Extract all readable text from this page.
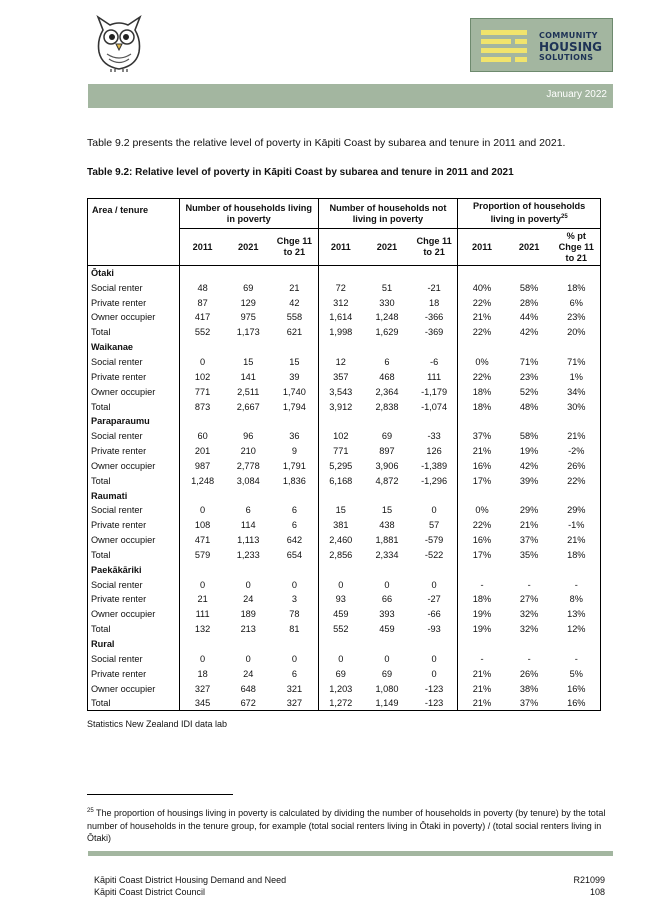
COMMUNITY
HOUSING
SOLUTIONS
January 2022
Table 9.2 presents the relative level of poverty in Kāpiti Coast by subarea and tenure in 2011 and 2021.
Table 9.2: Relative level of poverty in Kāpiti Coast by subarea and tenure in 2011 and 2021
Area / tenure	Number of households living in poverty			Number of households not living in poverty			Proportion of households living in poverty$^{25}$
	2011	2021	Chge 11 to 21	2011	2021	Chge 11 to 21	2011	2021	% pt Chge 11 to 21
Ōtaki									
Social renter	48	69	21	72	51	-21	40%	58%	18%
Private renter	87	129	42	312	330	18	22%	28%	6%
Owner occupier	417	975	558	1,614	1,248	-366	21%	44%	23%
Total	552	1,173	621	1,998	1,629	-369	22%	42%	20%
Waikanae									
Social renter	0	15	15	12	6	-6	0%	71%	71%
Private renter	102	141	39	357	468	111	22%	23%	1%
Owner occupier	771	2,511	1,740	3,543	2,364	-1,179	18%	52%	34%
Total	873	2,667	1,794	3,912	2,838	-1,074	18%	48%	30%
Paraparaumu									
Social renter	60	96	36	102	69	-33	37%	58%	21%
Private renter	201	210	9	771	897	126	21%	19%	-2%
Owner occupier	987	2,778	1,791	5,295	3,906	-1,389	16%	42%	26%
Total	1,248	3,084	1,836	6,168	4,872	-1,296	17%	39%	22%
Raumati									
Social renter	0	6	6	15	15	0	0%	29%	29%
Private renter	108	114	6	381	438	57	22%	21%	-1%
Owner occupier	471	1,113	642	2,460	1,881	-579	16%	37%	21%
Total	579	1,233	654	2,856	2,334	-522	17%	35%	18%
Paekākāriki									
Social renter	0	0	0	0	0	0	-	-	-
Private renter	21	24	3	93	66	-27	18%	27%	8%
Owner occupier	111	189	78	459	393	-66	19%	32%	13%
Total	132	213	81	552	459	-93	19%	32%	12%
Rural									
Social renter	0	0	0	0	0	0	-	-	-
Private renter	18	24	6	69	69	0	21%	26%	5%
Owner occupier	327	648	321	1,203	1,080	-123	21%	38%	16%
Total	345	672	327	1,272	1,149	-123	21%	37%	16%
Statistics New Zealand IDI data lab
$^{25}$ The proportion of housings living in poverty is calculated by dividing the number of households in poverty (by tenure) by the total number of households in the tenure group, for example (total social renters living in Ōtaki in poverty) / (total social renters living in Ōtaki)
Kāpiti Coast District Housing Demand and Need
Kāpiti Coast District Council
R21099
108
